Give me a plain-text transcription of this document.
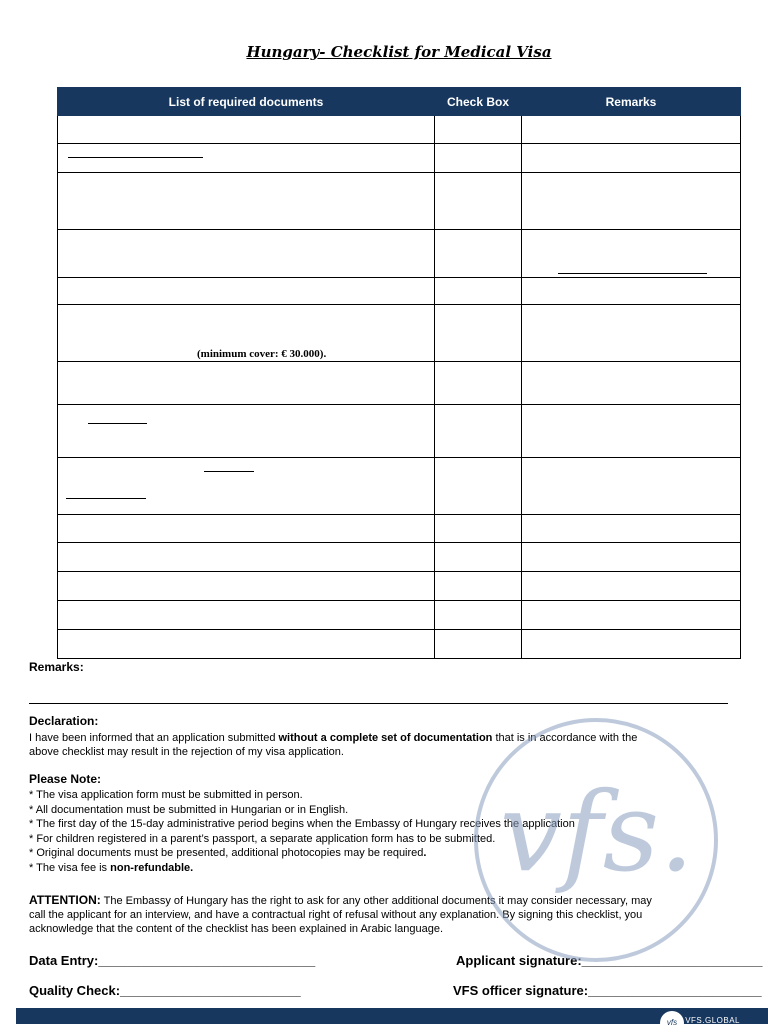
Hungary- Checklist for Medical Visa
List of required documents	Check Box	Remarks

(minimum cover: € 30.000).		

Remarks:
Declaration:
I have been informed that an application submitted without a complete set of documentation that is in accordance with the
above checklist may result in the rejection of my visa application.
Please Note:
* The visa application form must be submitted in person.
* All documentation must be submitted in Hungarian or in English.
* The first day of the 15-day administrative period begins when the Embassy of Hungary receives the application
* For children registered in a parent’s passport, a separate application form has to be submitted.
* Original documents must be presented, additional photocopies may be required.
* The visa fee is non-refundable.
ATTENTION: The Embassy of Hungary has the right to ask for any other additional documents it may consider necessary, may
call the applicant for an interview, and have a contractual right of refusal without any explanation. By signing this checklist, you
acknowledge that the content of the checklist has been explained in Arabic language.
Data Entry:______________________________	Applicant signature:_________________________
Quality Check:_________________________	VFS officer signature:________________________
vfs.
vfs	VFS.GLOBAL
